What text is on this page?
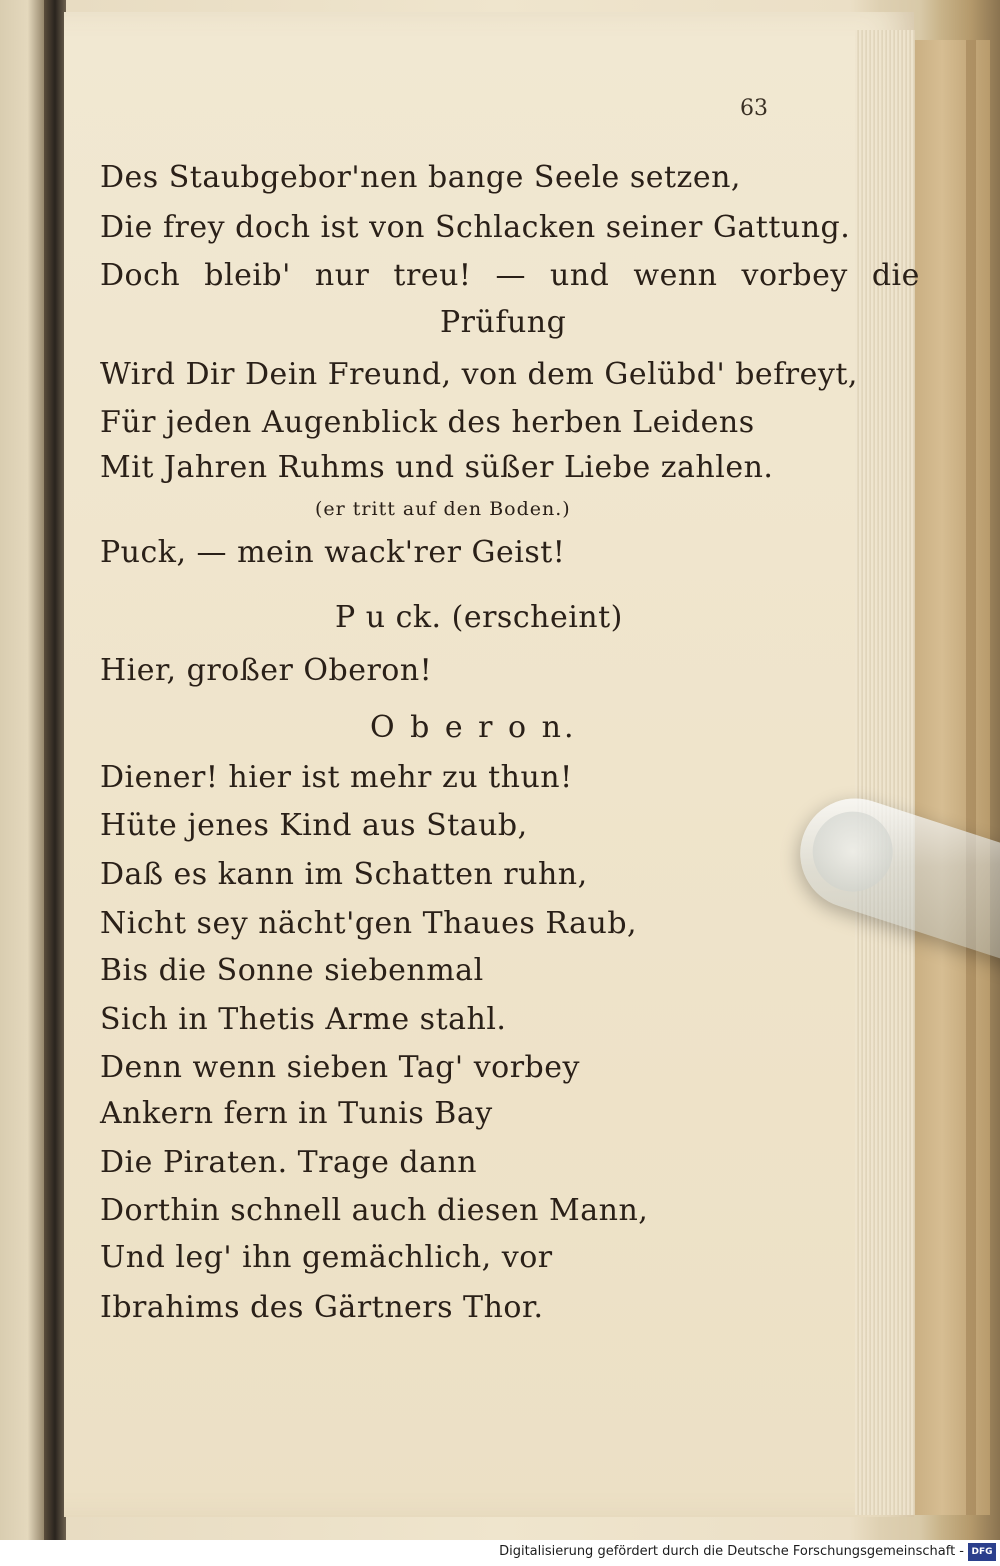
63
Des Staubgebor'nen bange Seele setzen,
Die frey doch ist von Schlacken seiner Gattung.
Doch bleib' nur treu! — und wenn vorbey die
Prüfung
Wird Dir Dein Freund, von dem Gelübd' befreyt,
Für jeden Augenblick des herben Leidens
Mit Jahren Ruhms und süßer Liebe zahlen.
(er tritt auf den Boden.)
Puck, — mein wack'rer Geist!
P u ck. (erscheint)
Hier, großer Oberon!
O b e r o n.
Diener! hier ist mehr zu thun!
Hüte jenes Kind aus Staub,
Daß es kann im Schatten ruhn,
Nicht sey nächt'gen Thaues Raub,
Bis die Sonne siebenmal
Sich in Thetis Arme stahl.
Denn wenn sieben Tag' vorbey
Ankern fern in Tunis Bay
Die Piraten. Trage dann
Dorthin schnell auch diesen Mann,
Und leg' ihn gemächlich, vor
Ibrahims des Gärtners Thor.
Digitalisierung gefördert durch die Deutsche Forschungsgemeinschaft - DFG
